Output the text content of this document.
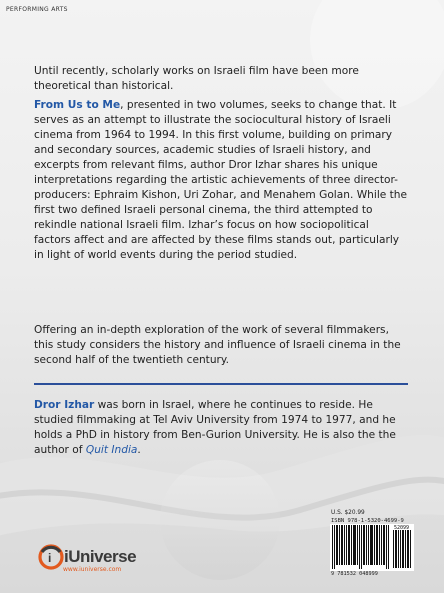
PERFORMING ARTS
Until recently, scholarly works on Israeli film have been more theoretical than historical.
From Us to Me, presented in two volumes, seeks to change that. It serves as an attempt to illustrate the sociocultural history of Israeli cinema from 1964 to 1994. In this first volume, building on primary and secondary sources, academic studies of Israeli history, and excerpts from relevant films, author Dror Izhar shares his unique interpretations regarding the artistic achievements of three director-producers: Ephraim Kishon, Uri Zohar, and Menahem Golan. While the first two defined Israeli personal cinema, the third attempted to rekindle national Israeli film. Izhar’s focus on how sociopolitical factors affect and are affected by these films stands out, particularly in light of world events during the period studied.
Offering an in-depth exploration of the work of several filmmakers, this study considers the history and influence of Israeli cinema in the second half of the twentieth century.
Dror Izhar was born in Israel, where he continues to reside. He studied filmmaking at Tel Aviv University from 1974 to 1977, and he holds a PhD in history from Ben-Gurion University. He is also the the author of Quit India.
U.S. $20.99
ISBN 978-1-5320-4699-9
52099
9 781532 048999
i iUniverse
www.iuniverse.com
